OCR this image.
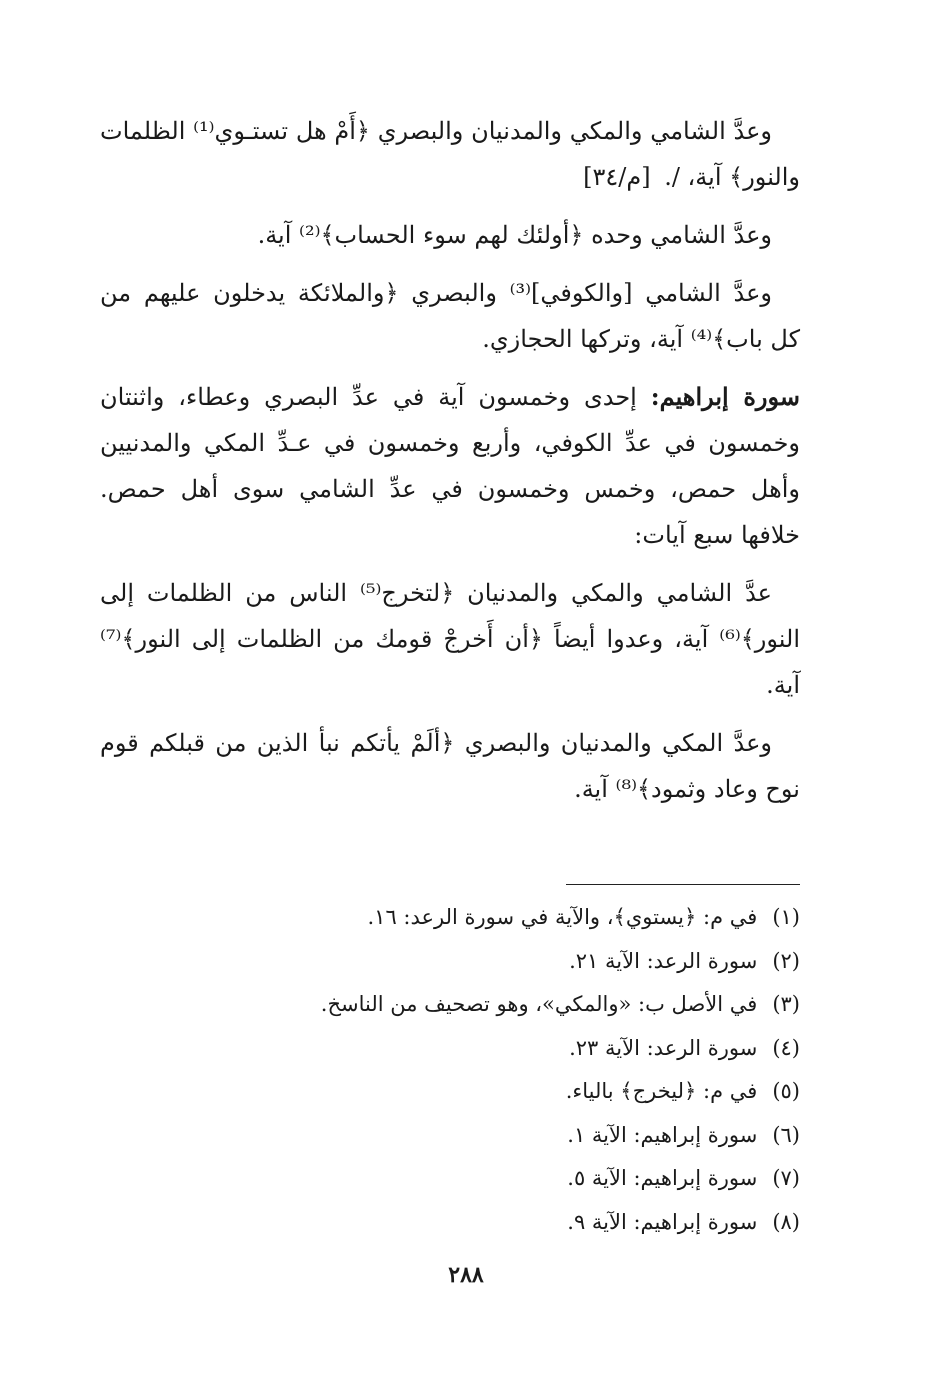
وعدَّ الشامي والمكي والمدنيان والبصري ﴿أَمْ هل تستـوي⁽¹⁾ الظلمات والنور﴾ آية، /. [م/٣٤]

وعدَّ الشامي وحده ﴿أولئك لهم سوء الحساب﴾⁽²⁾ آية.

وعدَّ الشامي [والكوفي]⁽³⁾ والبصري ﴿والملائكة يدخلون عليهم من كل باب﴾⁽⁴⁾ آية، وتركها الحجازي.

سورة إبراهيم: إحدى وخمسون آية في عدِّ البصري وعطاء، واثنتان وخمسون في عدِّ الكوفي، وأربع وخمسون في عـدِّ المكي والمدنيين وأهل حمص، وخمس وخمسون في عدِّ الشامي سوى أهل حمص. خلافها سبع آيات:

عدَّ الشامي والمكي والمدنيان ﴿لتخرج⁽⁵⁾ الناس من الظلمات إلى النور﴾⁽⁶⁾ آية، وعدوا أيضاً ﴿أن أَخرجْ قومك من الظلمات إلى النور﴾⁽⁷⁾ آية.

وعدَّ المكي والمدنيان والبصري ﴿ألَمْ يأتكم نبأ الذين من قبلكم قوم نوح وعاد وثمود﴾⁽⁸⁾ آية.

(١) في م: ﴿يستوي﴾، والآية في سورة الرعد: ١٦.

(٢) سورة الرعد: الآية ٢١.

(٣) في الأصل ب: «والمكي»، وهو تصحيف من الناسخ.

(٤) سورة الرعد: الآية ٢٣.

(٥) في م: ﴿ليخرج﴾ بالياء.

(٦) سورة إبراهيم: الآية ١.

(٧) سورة إبراهيم: الآية ٥.

(٨) سورة إبراهيم: الآية ٩.

٢٨٨
